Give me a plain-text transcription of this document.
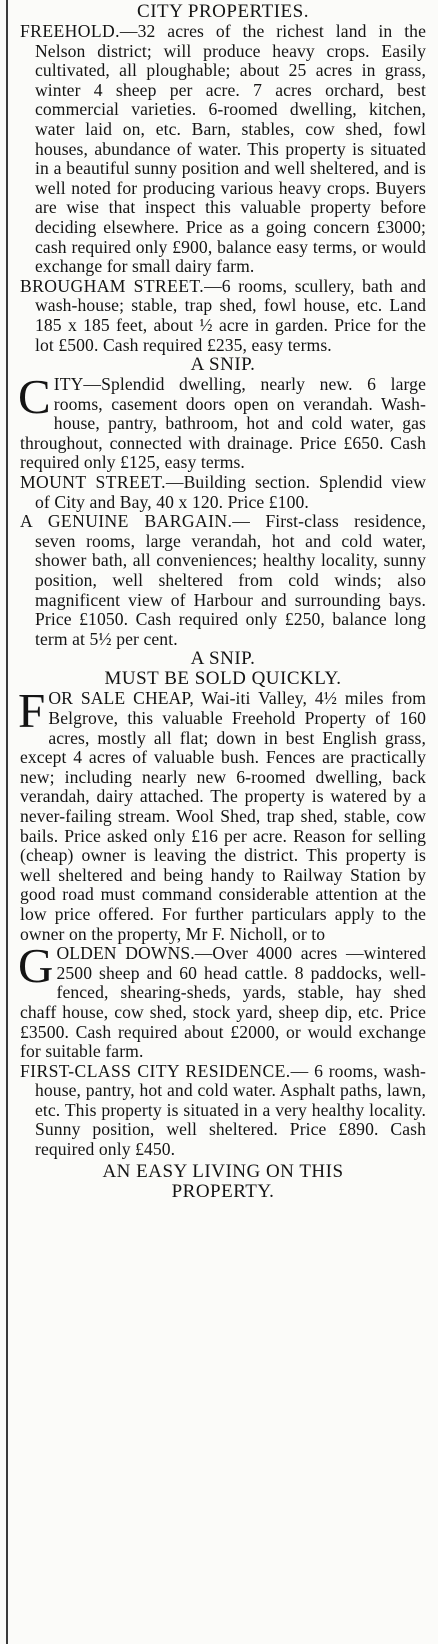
CITY PROPERTIES.

FREEHOLD.—32 acres of the richest land in the Nelson district; will produce heavy crops. Easily cultivated, all ploughable; about 25 acres in grass, winter 4 sheep per acre. 7 acres orchard, best commercial varieties. 6-roomed dwelling, kitchen, water laid on, etc. Barn, stables, cow shed, fowl houses, abundance of water. This property is situated in a beautiful sunny position and well sheltered, and is well noted for producing various heavy crops. Buyers are wise that inspect this valuable property before deciding elsewhere. Price as a going concern £3000; cash required only £900, balance easy terms, or would exchange for small dairy farm.

BROUGHAM STREET.—6 rooms, scullery, bath and wash-house; stable, trap shed, fowl house, etc. Land 185 x 185 feet, about ½ acre in garden. Price for the lot £500. Cash required £235, easy terms.

A SNIP.

CITY—Splendid dwelling, nearly new. 6 large rooms, casement doors open on verandah. Wash-house, pantry, bathroom, hot and cold water, gas throughout, connected with drainage. Price £650. Cash required only £125, easy terms.

MOUNT STREET.—Building section. Splendid view of City and Bay, 40 x 120. Price £100.

A GENUINE BARGAIN.— First-class residence, seven rooms, large verandah, hot and cold water, shower bath, all conveniences; healthy locality, sunny position, well sheltered from cold winds; also magnificent view of Harbour and surrounding bays. Price £1050. Cash required only £250, balance long term at 5½ per cent.

A SNIP.

MUST BE SOLD QUICKLY.

FOR SALE CHEAP, Wai-iti Valley, 4½ miles from Belgrove, this valuable Freehold Property of 160 acres, mostly all flat; down in best English grass, except 4 acres of valuable bush. Fences are practically new; including nearly new 6-roomed dwelling, back verandah, dairy attached. The property is watered by a never-failing stream. Wool Shed, trap shed, stable, cow bails. Price asked only £16 per acre. Reason for selling (cheap) owner is leaving the district. This property is well sheltered and being handy to Railway Station by good road must command considerable attention at the low price offered. For further particulars apply to the owner on the property, Mr F. Nicholl, or to

GOLDEN DOWNS.—Over 4000 acres —wintered 2500 sheep and 60 head cattle. 8 paddocks, well-fenced, shearing-sheds, yards, stable, hay shed chaff house, cow shed, stock yard, sheep dip, etc. Price £3500. Cash required about £2000, or would exchange for suitable farm.

FIRST-CLASS CITY RESIDENCE.— 6 rooms, wash-house, pantry, hot and cold water. Asphalt paths, lawn, etc. This property is situated in a very healthy locality. Sunny position, well sheltered. Price £890. Cash required only £450.

AN EASY LIVING ON THIS

PROPERTY.
